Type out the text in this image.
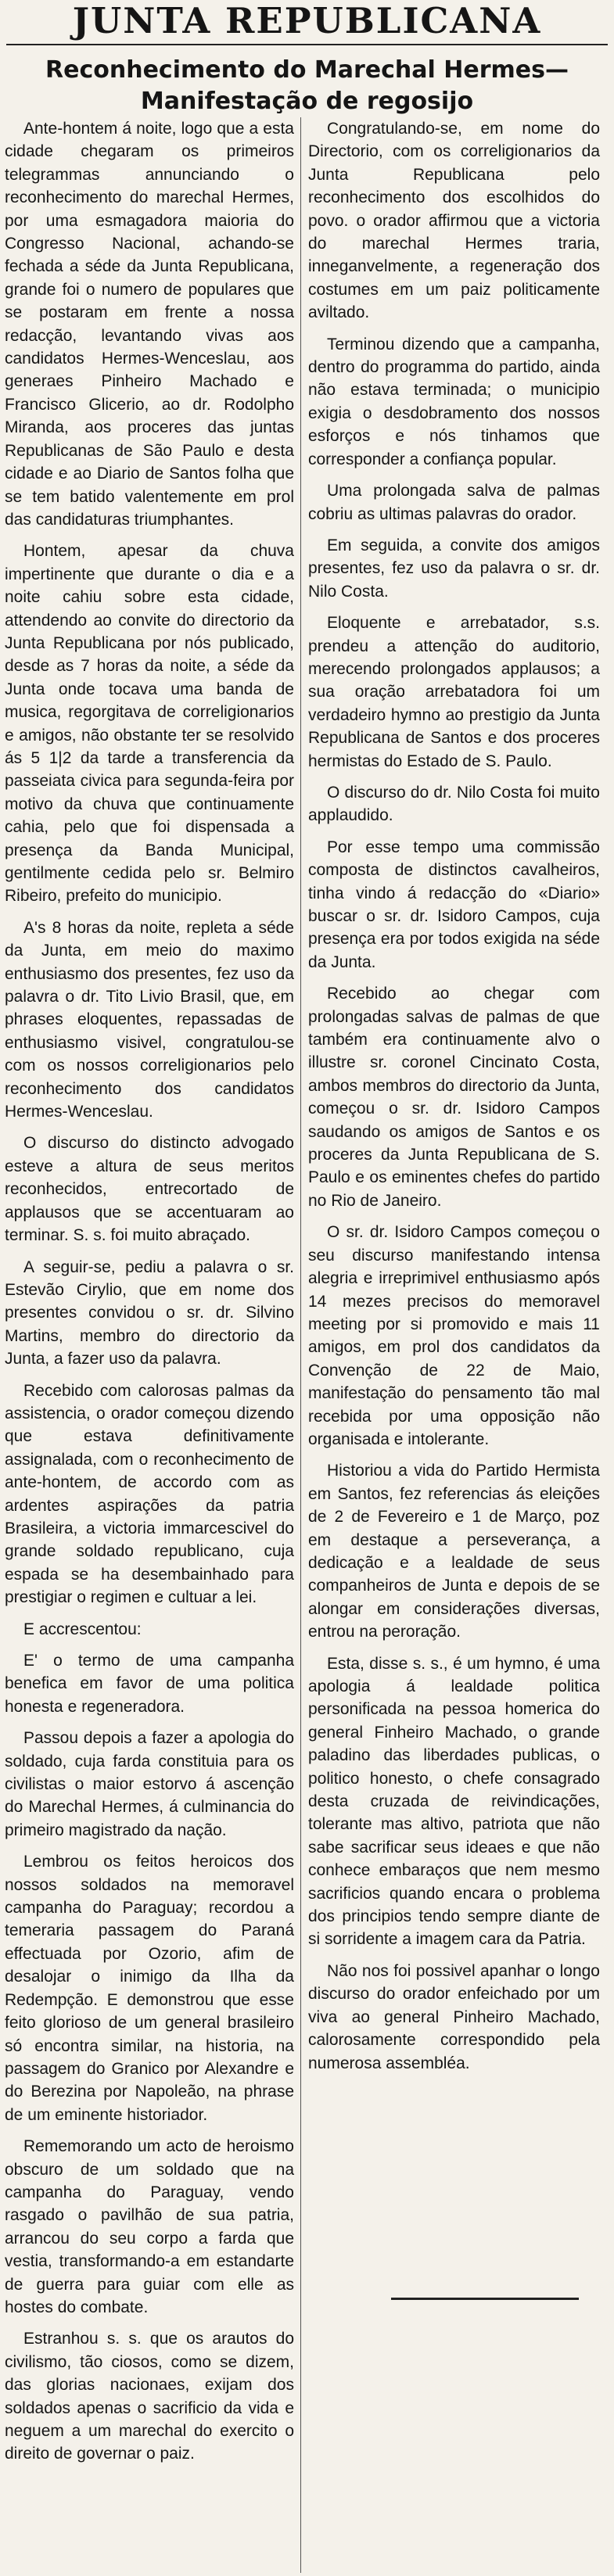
JUNTA REPUBLICANA
Reconhecimento do Marechal Hermes—Manifestação de regosijo

Ante-hontem á noite, logo que a esta cidade chegaram os primeiros telegrammas annunciando o reconhecimento do marechal Hermes, por uma esmagadora maioria do Congresso Nacional, achando-se fechada a séde da Junta Republicana, grande foi o numero de populares que se postaram em frente a nossa redacção, levantando vivas aos candidatos Hermes-Wenceslau, aos generaes Pinheiro Machado e Francisco Glicerio, ao dr. Rodolpho Miranda, aos proceres das juntas Republicanas de São Paulo e desta cidade e ao Diario de Santos folha que se tem batido valentemente em prol das candidaturas triumphantes.

Hontem, apesar da chuva impertinente que durante o dia e a noite cahiu sobre esta cidade, attendendo ao convite do directorio da Junta Republicana por nós publicado, desde as 7 horas da noite, a séde da Junta onde tocava uma banda de musica, regorgitava de correligionarios e amigos, não obstante ter se resolvido ás 5 1|2 da tarde a transferencia da passeiata civica para segunda-feira por motivo da chuva que continuamente cahia, pelo que foi dispensada a presença da Banda Municipal, gentilmente cedida pelo sr. Belmiro Ribeiro, prefeito do municipio.

A's 8 horas da noite, repleta a séde da Junta, em meio do maximo enthusiasmo dos presentes, fez uso da palavra o dr. Tito Livio Brasil, que, em phrases eloquentes, repassadas de enthusiasmo visivel, congratulou-se com os nossos correligionarios pelo reconhecimento dos candidatos Hermes-Wenceslau.

O discurso do distincto advogado esteve a altura de seus meritos reconhecidos, entrecortado de applausos que se accentuaram ao terminar. S. s. foi muito abraçado.

A seguir-se, pediu a palavra o sr. Estevão Cirylio, que em nome dos presentes convidou o sr. dr. Silvino Martins, membro do directorio da Junta, a fazer uso da palavra.

Recebido com calorosas palmas da assistencia, o orador começou dizendo que estava definitivamente assignalada, com o reconhecimento de ante-hontem, de accordo com as ardentes aspirações da patria Brasileira, a victoria immarcescivel do grande soldado republicano, cuja espada se ha desembainhado para prestigiar o regimen e cultuar a lei.

E accrescentou:

E' o termo de uma campanha benefica em favor de uma politica honesta e regeneradora.

Passou depois a fazer a apologia do soldado, cuja farda constituia para os civilistas o maior estorvo á ascenção do Marechal Hermes, á culminancia do primeiro magistrado da nação.

Lembrou os feitos heroicos dos nossos soldados na memoravel campanha do Paraguay; recordou a temeraria passagem do Paraná effectuada por Ozorio, afim de desalojar o inimigo da Ilha da Redempção. E demonstrou que esse feito glorioso de um general brasileiro só encontra similar, na historia, na passagem do Granico por Alexandre e do Berezina por Napoleão, na phrase de um eminente historiador.

Rememorando um acto de heroismo obscuro de um soldado que na campanha do Paraguay, vendo rasgado o pavilhão de sua patria, arrancou do seu corpo a farda que vestia, transformando-a em estandarte de guerra para guiar com elle as hostes do combate.

Estranhou s. s. que os arautos do civilismo, tão ciosos, como se dizem, das glorias nacionaes, exijam dos soldados apenas o sacrificio da vida e neguem a um marechal do exercito o direito de governar o paiz.

Congratulando-se, em nome do Directorio, com os correligionarios da Junta Republicana pelo reconhecimento dos escolhidos do povo. o orador affirmou que a victoria do marechal Hermes traria, inneganvelmente, a regeneração dos costumes em um paiz politicamente aviltado.

Terminou dizendo que a campanha, dentro do programma do partido, ainda não estava terminada; o municipio exigia o desdobramento dos nossos esforços e nós tinhamos que corresponder a confiança popular.

Uma prolongada salva de palmas cobriu as ultimas palavras do orador.

Em seguida, a convite dos amigos presentes, fez uso da palavra o sr. dr. Nilo Costa.

Eloquente e arrebatador, s.s. prendeu a attenção do auditorio, merecendo prolongados applausos; a sua oração arrebatadora foi um verdadeiro hymno ao prestigio da Junta Republicana de Santos e dos proceres hermistas do Estado de S. Paulo.

O discurso do dr. Nilo Costa foi muito applaudido.

Por esse tempo uma commissão composta de distinctos cavalheiros, tinha vindo á redacção do «Diario» buscar o sr. dr. Isidoro Campos, cuja presença era por todos exigida na séde da Junta.

Recebido ao chegar com prolongadas salvas de palmas de que também era continuamente alvo o illustre sr. coronel Cincinato Costa, ambos membros do directorio da Junta, começou o sr. dr. Isidoro Campos saudando os amigos de Santos e os proceres da Junta Republicana de S. Paulo e os eminentes chefes do partido no Rio de Janeiro.

O sr. dr. Isidoro Campos começou o seu discurso manifestando intensa alegria e irreprimivel enthusiasmo após 14 mezes precisos do memoravel meeting por si promovido e mais 11 amigos, em prol dos candidatos da Convenção de 22 de Maio, manifestação do pensamento tão mal recebida por uma opposição não organisada e intolerante.

Historiou a vida do Partido Hermista em Santos, fez referencias ás eleições de 2 de Fevereiro e 1 de Março, poz em destaque a perseverança, a dedicação e a lealdade de seus companheiros de Junta e depois de se alongar em considerações diversas, entrou na peroração.

Esta, disse s. s., é um hymno, é uma apologia á lealdade politica personificada na pessoa homerica do general Finheiro Machado, o grande paladino das liberdades publicas, o politico honesto, o chefe consagrado desta cruzada de reivindicações, tolerante mas altivo, patriota que não sabe sacrificar seus ideaes e que não conhece embaraços que nem mesmo sacrificios quando encara o problema dos principios tendo sempre diante de si sorridente a imagem cara da Patria.

Não nos foi possivel apanhar o longo discurso do orador enfeichado por um viva ao general Pinheiro Machado, calorosamente correspondido pela numerosa assembléa.
